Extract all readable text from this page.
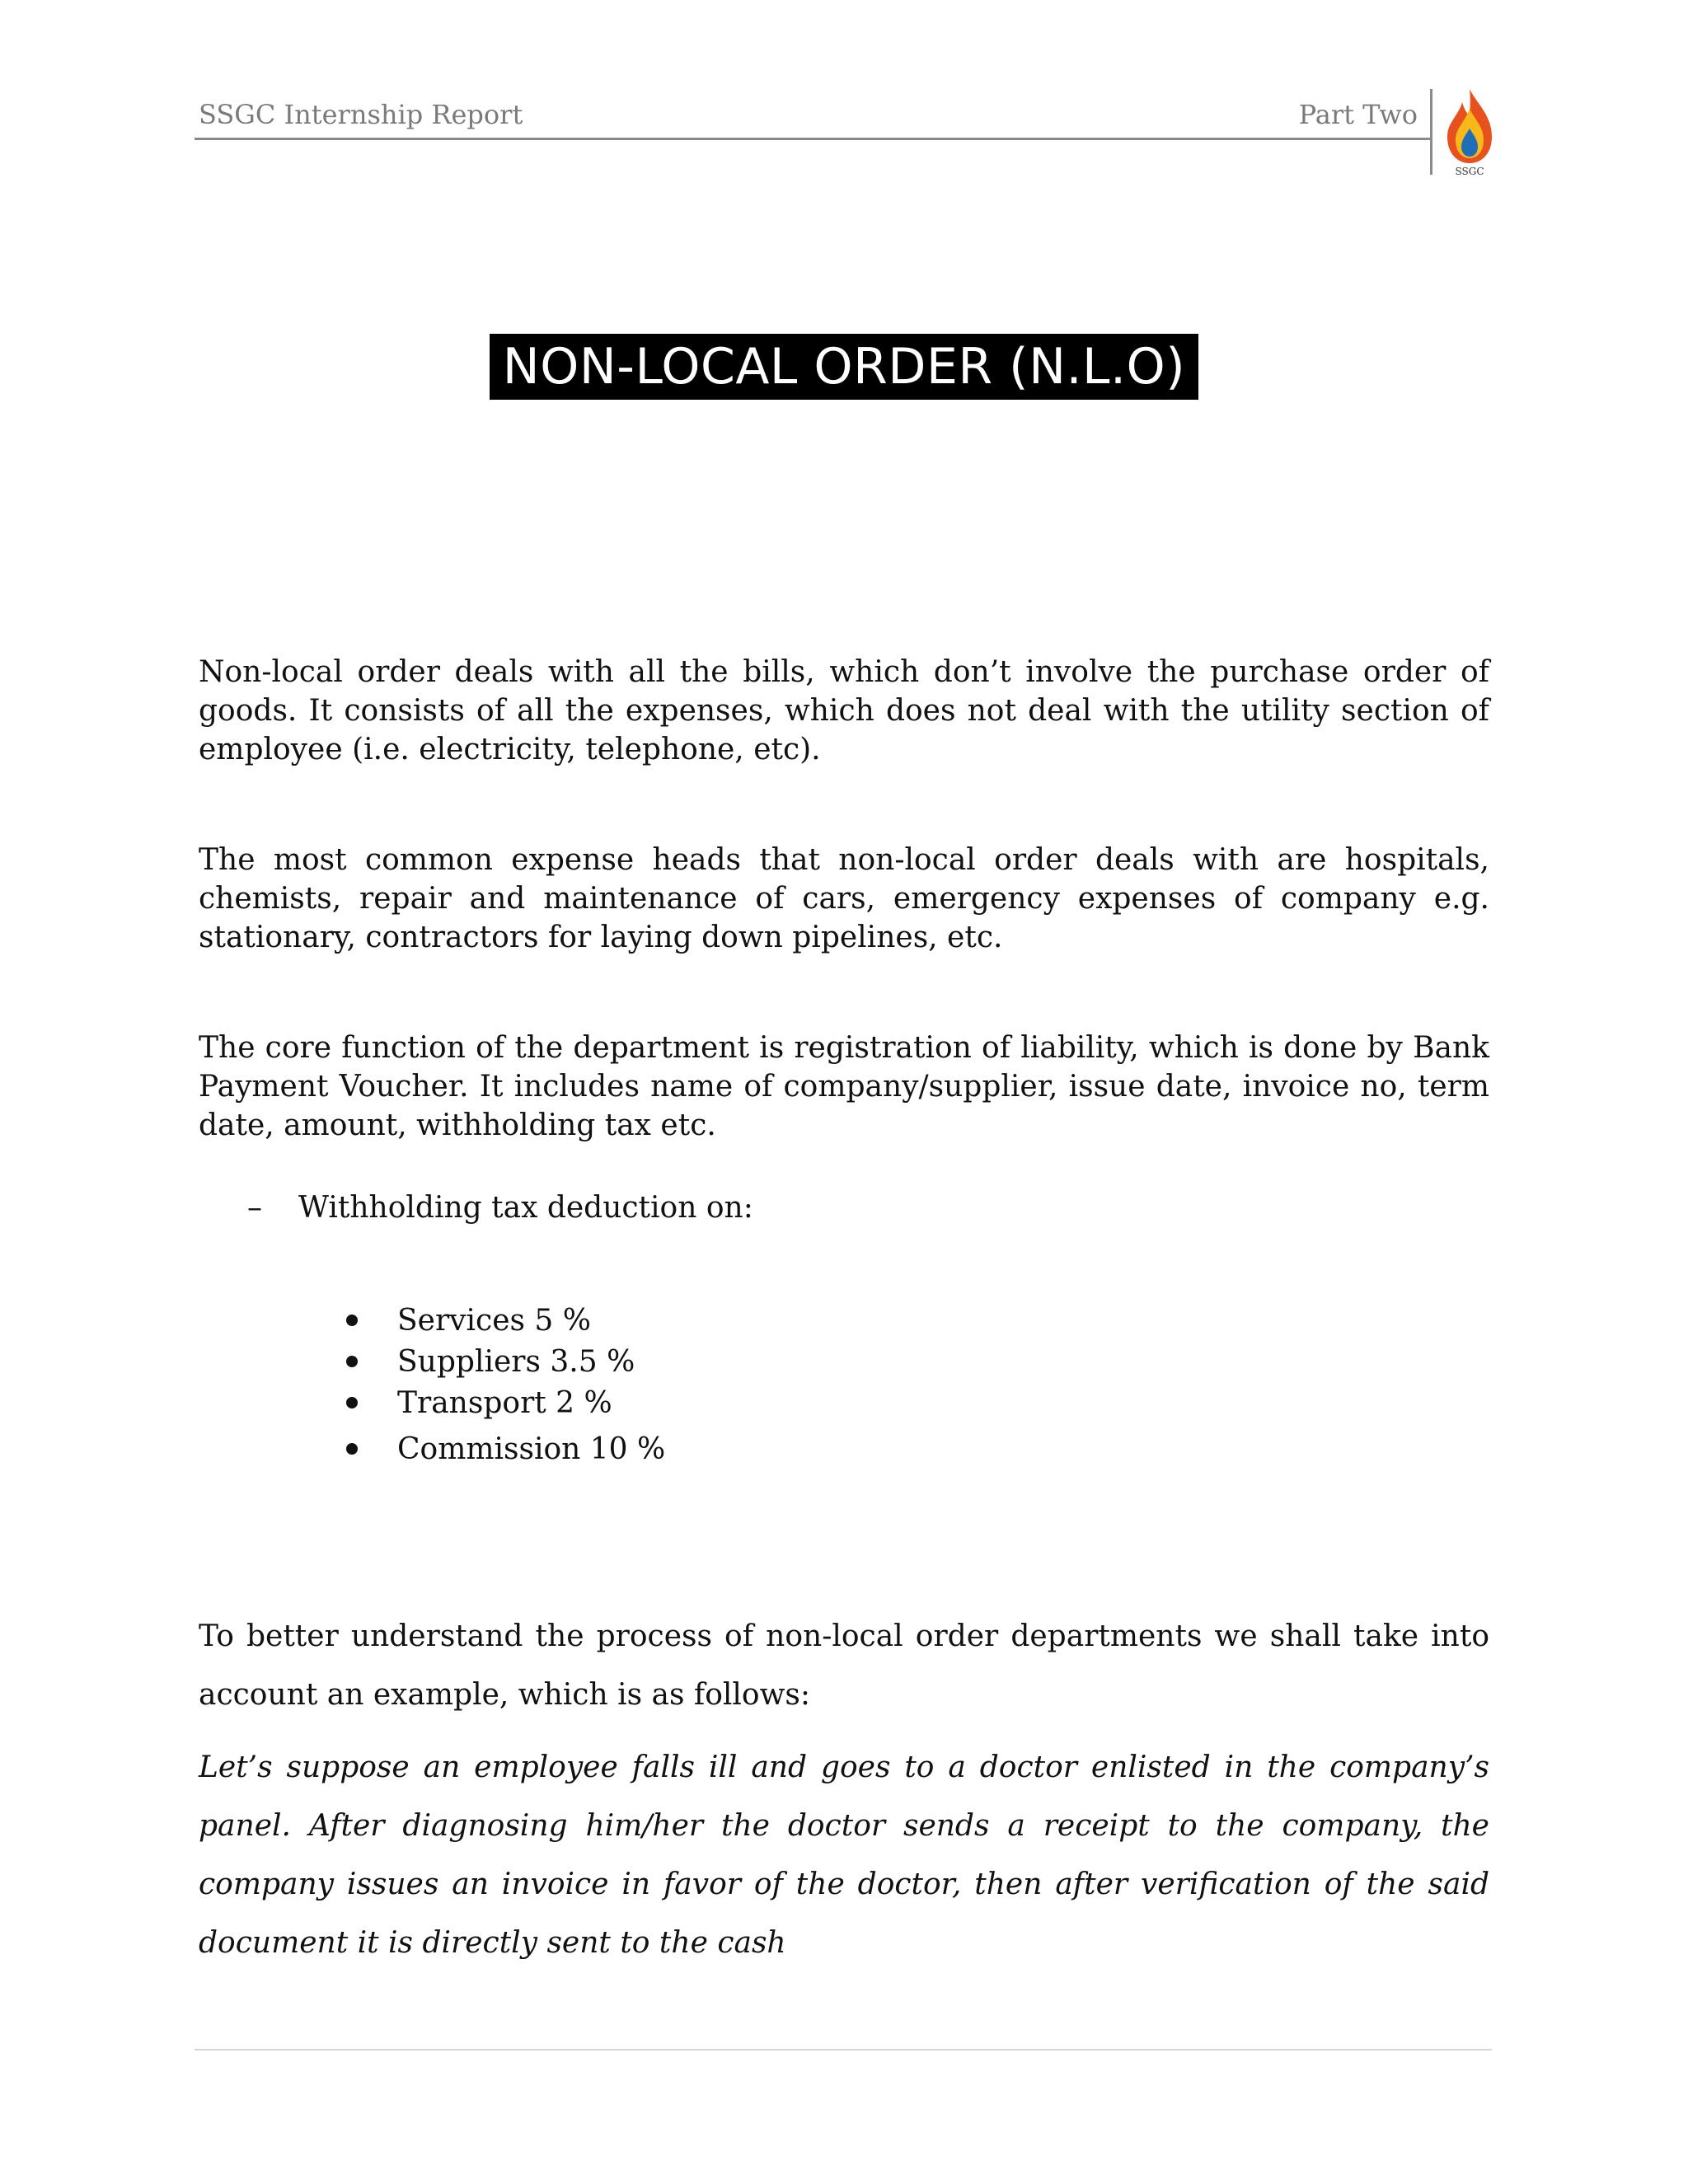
SSGC Internship Report	Part Two
SSGC
NON-LOCAL ORDER (N.L.O)

Non-local order deals with all the bills, which don’t involve the purchase order of goods. It consists of all the expenses, which does not deal with the utility section of employee (i.e. electricity, telephone, etc).

The most common expense heads that non-local order deals with are hospitals, chemists, repair and maintenance of cars, emergency expenses of company e.g. stationary, contractors for laying down pipelines, etc.

The core function of the department is registration of liability, which is done by Bank Payment Voucher. It includes name of company/supplier, issue date, invoice no, term date, amount, withholding tax etc.

– Withholding tax deduction on:
Services 5 %
Suppliers 3.5 %
Transport 2 %
Commission 10 %

To better understand the process of non-local order departments we shall take into account an example, which is as follows:

Let’s suppose an employee falls ill and goes to a doctor enlisted in the company’s panel. After diagnosing him/her the doctor sends a receipt to the company, the company issues an invoice in favor of the doctor, then after verification of the said document it is directly sent to the cash
